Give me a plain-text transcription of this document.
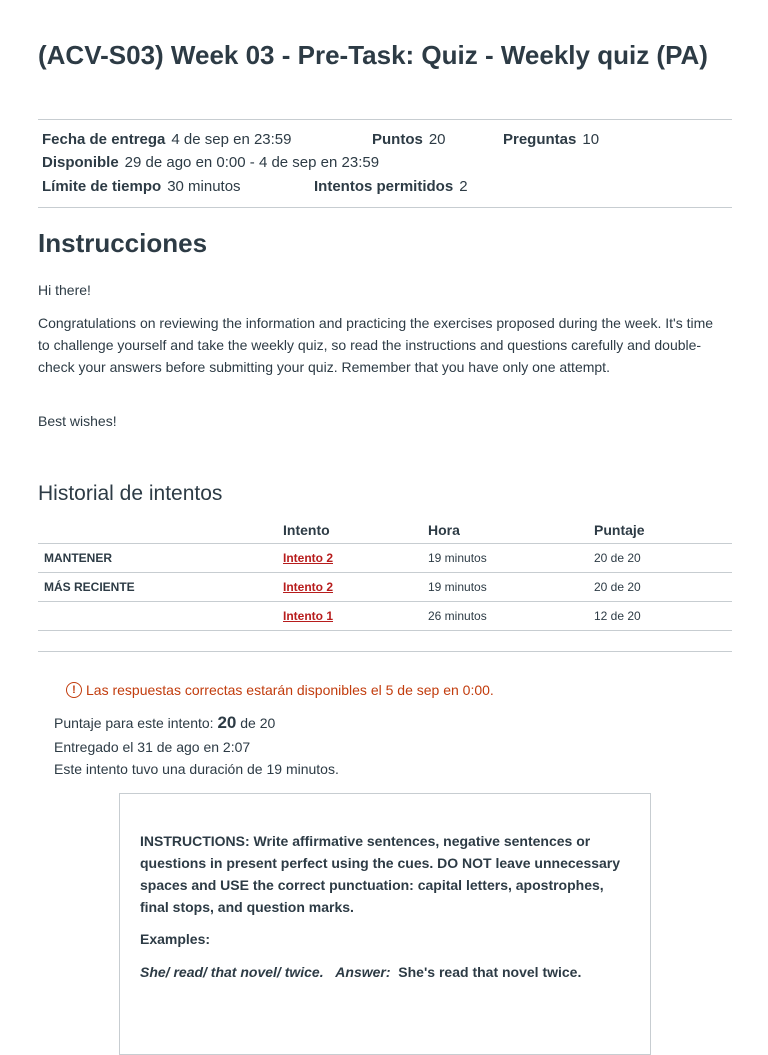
(ACV-S03) Week 03 - Pre-Task: Quiz - Weekly quiz (PA)
Fecha de entrega 4 de sep en 23:59	Puntos 20	Preguntas 10
Disponible 29 de ago en 0:00 - 4 de sep en 23:59
Límite de tiempo 30 minutos	Intentos permitidos 2
Instrucciones

Hi there!

Congratulations on reviewing the information and practicing the exercises proposed during the week. It's time to challenge yourself and take the weekly quiz, so read the instructions and questions carefully and double-check your answers before submitting your quiz. Remember that you have only one attempt.

Best wishes!

Historial de intentos
	Intento	Hora	Puntaje
MANTENER	Intento 2	19 minutos	20 de 20
MÁS RECIENTE	Intento 2	19 minutos	20 de 20
	Intento 1	26 minutos	12 de 20
! Las respuestas correctas estarán disponibles el 5 de sep en 0:00.
Puntaje para este intento: 20 de 20
Entregado el 31 de ago en 2:07
Este intento tuvo una duración de 19 minutos.

INSTRUCTIONS: Write affirmative sentences, negative sentences or questions in present perfect using the cues. DO NOT leave unnecessary spaces and USE the correct punctuation: capital letters, apostrophes, final stops, and question marks.

Examples:

She/ read/ that novel/ twice. Answer: She's read that novel twice.
